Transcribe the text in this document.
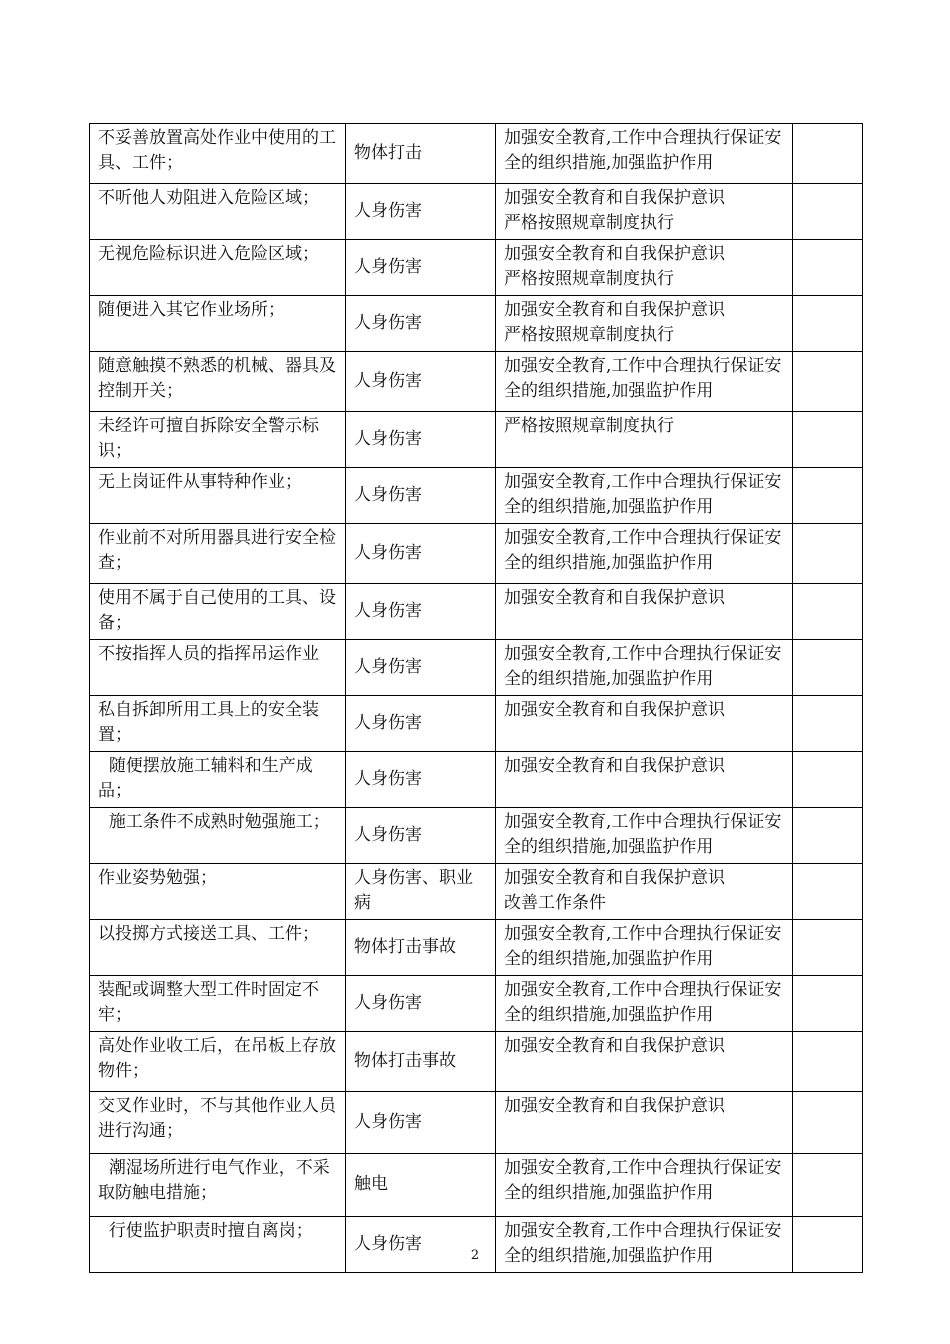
不妥善放置高处作业中使用的工具、工件；	物体打击	加强安全教育,工作中合理执行保证安全的组织措施,加强监护作用	
不听他人劝阻进入危险区域；	人身伤害	加强安全教育和自我保护意识
严格按照规章制度执行	
无视危险标识进入危险区域；	人身伤害	加强安全教育和自我保护意识
严格按照规章制度执行	
随便进入其它作业场所；	人身伤害	加强安全教育和自我保护意识
严格按照规章制度执行	
随意触摸不熟悉的机械、器具及控制开关；	人身伤害	加强安全教育,工作中合理执行保证安全的组织措施,加强监护作用	
未经许可擅自拆除安全警示标识；	人身伤害	严格按照规章制度执行	
无上岗证件从事特种作业；	人身伤害	加强安全教育,工作中合理执行保证安全的组织措施,加强监护作用	
作业前不对所用器具进行安全检查；	人身伤害	加强安全教育,工作中合理执行保证安全的组织措施,加强监护作用	
使用不属于自己使用的工具、设备；	人身伤害	加强安全教育和自我保护意识	
不按指挥人员的指挥吊运作业	人身伤害	加强安全教育,工作中合理执行保证安全的组织措施,加强监护作用	
私自拆卸所用工具上的安全装置；	人身伤害	加强安全教育和自我保护意识	
随便摆放施工辅料和生产成品；	人身伤害	加强安全教育和自我保护意识	
施工条件不成熟时勉强施工；	人身伤害	加强安全教育,工作中合理执行保证安全的组织措施,加强监护作用	
作业姿势勉强；	人身伤害、职业病	加强安全教育和自我保护意识
改善工作条件	
以投掷方式接送工具、工件；	物体打击事故	加强安全教育,工作中合理执行保证安全的组织措施,加强监护作用	
装配或调整大型工件时固定不牢；	人身伤害	加强安全教育,工作中合理执行保证安全的组织措施,加强监护作用	
高处作业收工后，在吊板上存放物件；	物体打击事故	加强安全教育和自我保护意识	
交叉作业时，不与其他作业人员进行沟通；	人身伤害	加强安全教育和自我保护意识	
潮湿场所进行电气作业，不采取防触电措施；	触电	加强安全教育,工作中合理执行保证安全的组织措施,加强监护作用	
行使监护职责时擅自离岗；	人身伤害	加强安全教育,工作中合理执行保证安全的组织措施,加强监护作用	
2
